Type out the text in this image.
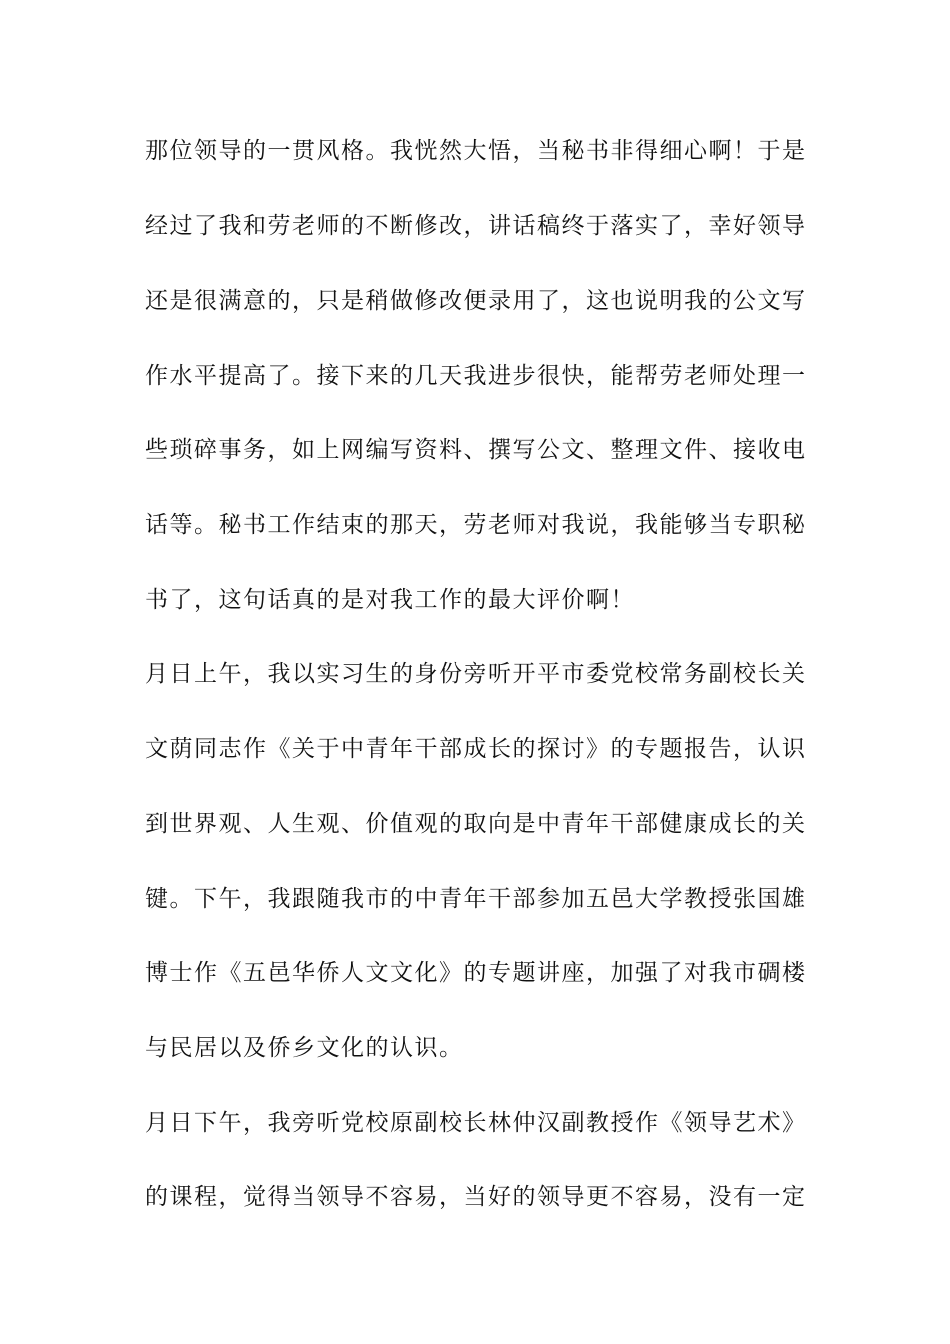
那位领导的一贯风格。我恍然大悟，当秘书非得细心啊！于是
经过了我和劳老师的不断修改，讲话稿终于落实了，幸好领导
还是很满意的，只是稍做修改便录用了，这也说明我的公文写
作水平提高了。接下来的几天我进步很快，能帮劳老师处理一
些琐碎事务，如上网编写资料、撰写公文、整理文件、接收电
话等。秘书工作结束的那天，劳老师对我说，我能够当专职秘
书了，这句话真的是对我工作的最大评价啊！
月日上午，我以实习生的身份旁听开平市委党校常务副校长关
文荫同志作《关于中青年干部成长的探讨》的专题报告，认识
到世界观、人生观、价值观的取向是中青年干部健康成长的关
键。下午，我跟随我市的中青年干部参加五邑大学教授张国雄
博士作《五邑华侨人文文化》的专题讲座，加强了对我市碉楼
与民居以及侨乡文化的认识。
月日下午，我旁听党校原副校长林仲汉副教授作《领导艺术》
的课程，觉得当领导不容易，当好的领导更不容易，没有一定
